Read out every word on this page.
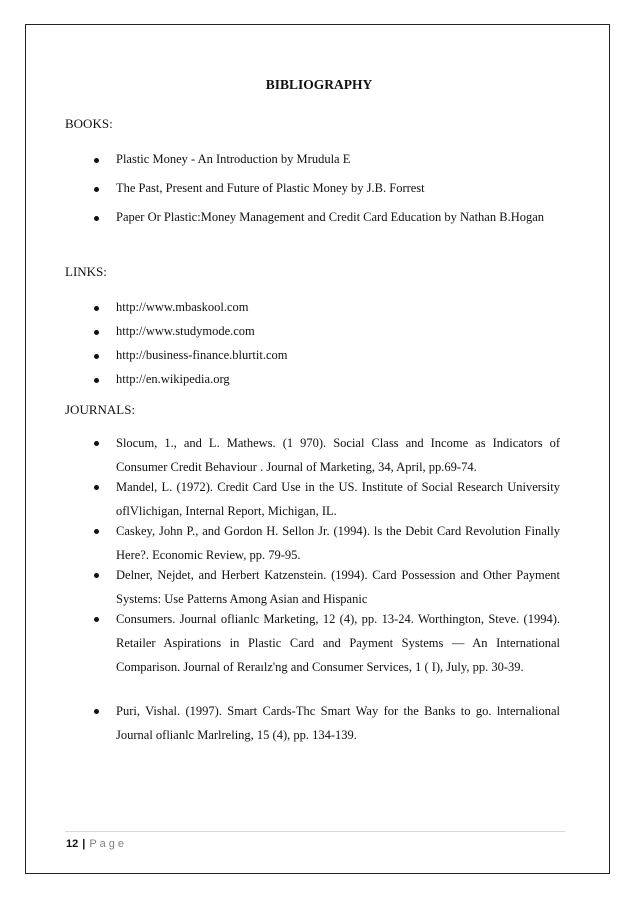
BIBLIOGRAPHY
BOOKS:
Plastic Money - An Introduction by Mrudula E
The Past, Present and Future of Plastic Money by J.B. Forrest
Paper Or Plastic:Money Management and Credit Card Education by Nathan B.Hogan
LINKS:
http://www.mbaskool.com
http://www.studymode.com
http://business-finance.blurtit.com
http://en.wikipedia.org
JOURNALS:
Slocum, 1., and L. Mathews. (1 970). Social Class and Income as Indicators of Consumer Credit Behaviour . Journal of Marketing, 34, April, pp.69-74.
Mandel, L. (1972). Credit Card Use in the US. Institute of Social Research University oflVlichigan, Internal Report, Michigan, IL.
Caskey, John P., and Gordon H. Sellon Jr. (1994). ls the Debit Card Revolution Finally Here?. Economic Review, pp. 79-95.
Delner, Nejdet, and Herbert Katzenstein. (1994). Card Possession and Other Payment Systems: Use Patterns Among Asian and Hispanic
Consumers. Journal oflianlc Marketing, 12 (4), pp. 13-24. Worthington, Steve. (1994). Retailer Aspirations in Plastic Card and Payment Systems — An International Comparison. Journal of Reraılz'ng and Consumer Services, 1 ( I), July, pp. 30-39.
Puri, Vishal. (1997). Smart Cards-Thc Smart Way for the Banks to go. lnternalional Journal oflianlc Marlreling, 15 (4), pp. 134-139.
12 | Page
